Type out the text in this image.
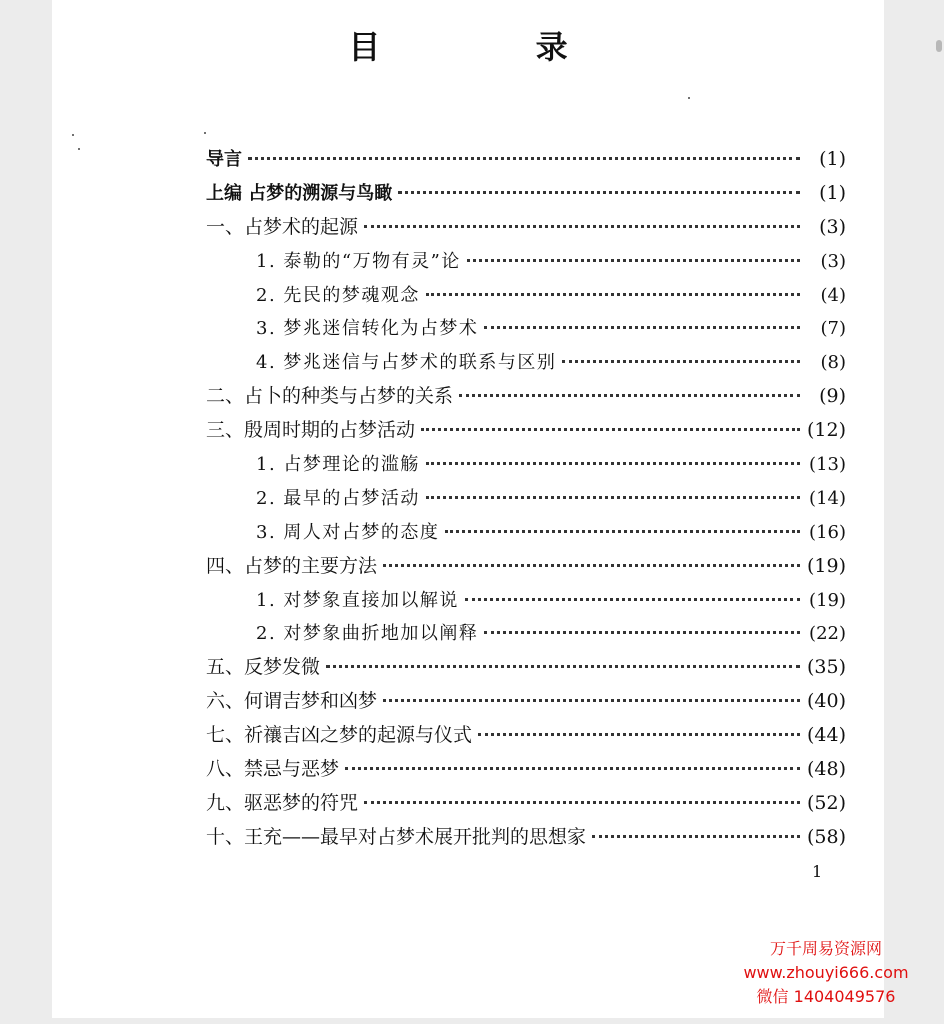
目 录
导言	(1)
上编 占梦的溯源与鸟瞰	(1)
一、占梦术的起源	(3)
1. 泰勒的“万物有灵”论	(3)
2. 先民的梦魂观念	(4)
3. 梦兆迷信转化为占梦术	(7)
4. 梦兆迷信与占梦术的联系与区别	(8)
二、占卜的种类与占梦的关系	(9)
三、殷周时期的占梦活动	(12)
1. 占梦理论的滥觞	(13)
2. 最早的占梦活动	(14)
3. 周人对占梦的态度	(16)
四、占梦的主要方法	(19)
1. 对梦象直接加以解说	(19)
2. 对梦象曲折地加以阐释	(22)
五、反梦发微	(35)
六、何谓吉梦和凶梦	(40)
七、祈禳吉凶之梦的起源与仪式	(44)
八、禁忌与恶梦	(48)
九、驱恶梦的符咒	(52)
十、王充——最早对占梦术展开批判的思想家	(58)
1
万千周易资源网
www.zhouyi666.com
微信 1404049576
